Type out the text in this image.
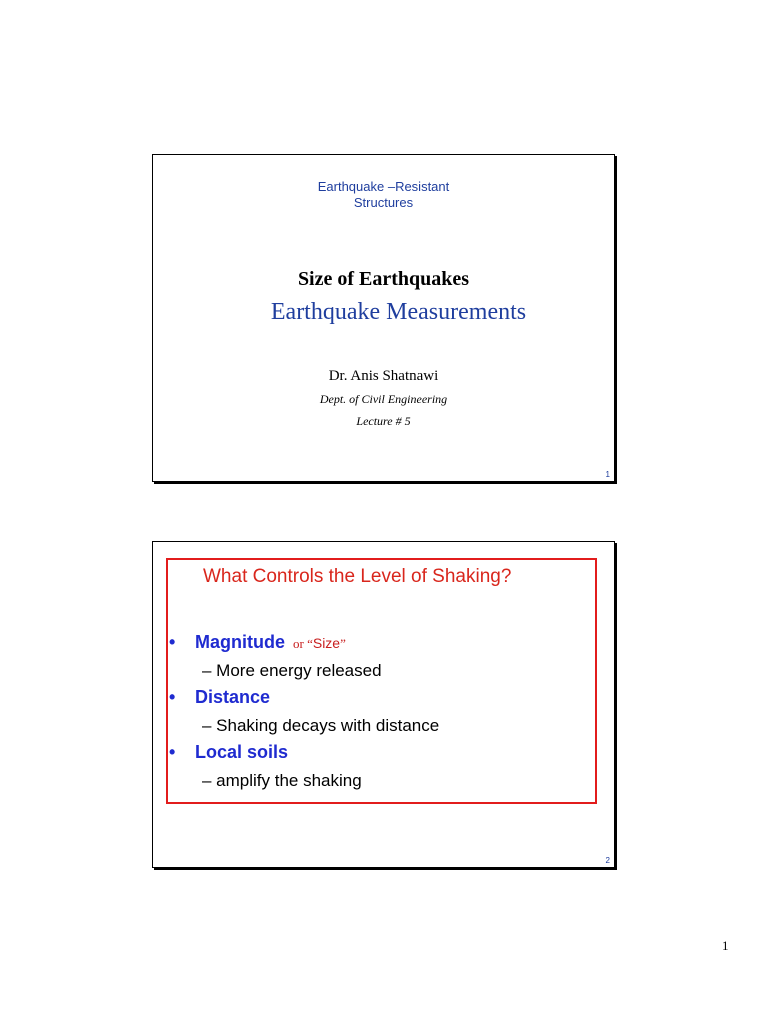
Earthquake –Resistant
Structures
Size of Earthquakes
Earthquake Measurements
Dr. Anis Shatnawi
Dept. of Civil Engineering
Lecture # 5
1
What Controls the Level of Shaking?
• Magnitude or “Size”
– More energy released
• Distance
– Shaking decays with distance
• Local soils
– amplify the shaking
2
1
